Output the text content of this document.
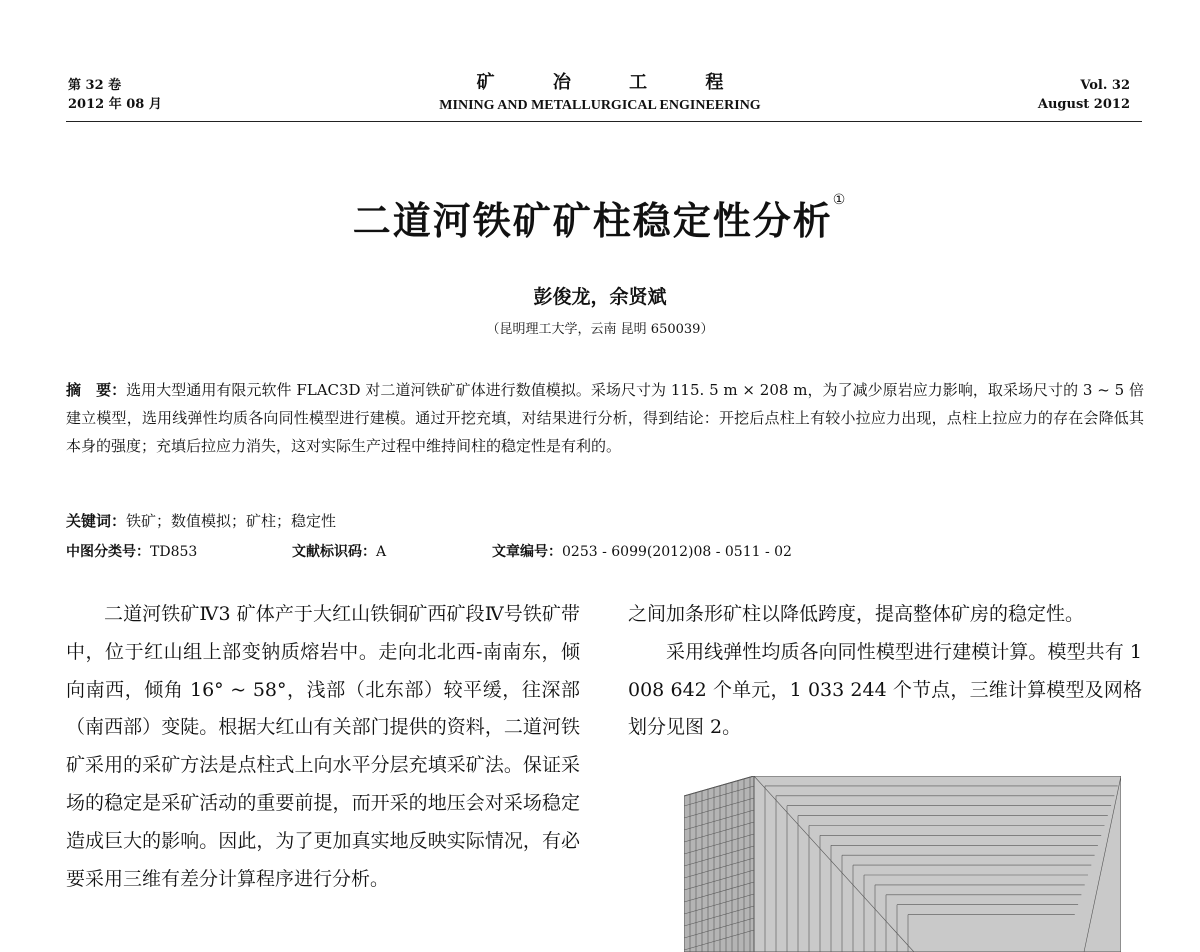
第 32 卷
2012 年 08 月
矿 冶 工 程
MINING AND METALLURGICAL ENGINEERING
Vol. 32
August 2012
二道河铁矿矿柱稳定性分析①
彭俊龙，余贤斌
（昆明理工大学，云南 昆明 650039）
摘　要：选用大型通用有限元软件 FLAC3D 对二道河铁矿矿体进行数值模拟。采场尺寸为 115. 5 m × 208 m，为了减少原岩应力影响，取采场尺寸的 3 ~ 5 倍建立模型，选用线弹性均质各向同性模型进行建模。通过开挖充填，对结果进行分析，得到结论：开挖后点柱上有较小拉应力出现，点柱上拉应力的存在会降低其本身的强度；充填后拉应力消失，这对实际生产过程中维持间柱的稳定性是有利的。
关键词：铁矿；数值模拟；矿柱；稳定性
中图分类号：TD853	文献标识码：A	文章编号：0253 - 6099(2012)08 - 0511 - 02

二道河铁矿Ⅳ3 矿体产于大红山铁铜矿西矿段Ⅳ号铁矿带中，位于红山组上部变钠质熔岩中。走向北北西-南南东，倾向南西，倾角 16° ~ 58°，浅部（北东部）较平缓，往深部（南西部）变陡。根据大红山有关部门提供的资料，二道河铁矿采用的采矿方法是点柱式上向水平分层充填采矿法。保证采场的稳定是采矿活动的重要前提，而开采的地压会对采场稳定造成巨大的影响。因此，为了更加真实地反映实际情况，有必要采用三维有差分计算程序进行分析。

之间加条形矿柱以降低跨度，提高整体矿房的稳定性。

采用线弹性均质各向同性模型进行建模计算。模型共有 1 008 642 个单元，1 033 244 个节点，三维计算模型及网格划分见图 2。
